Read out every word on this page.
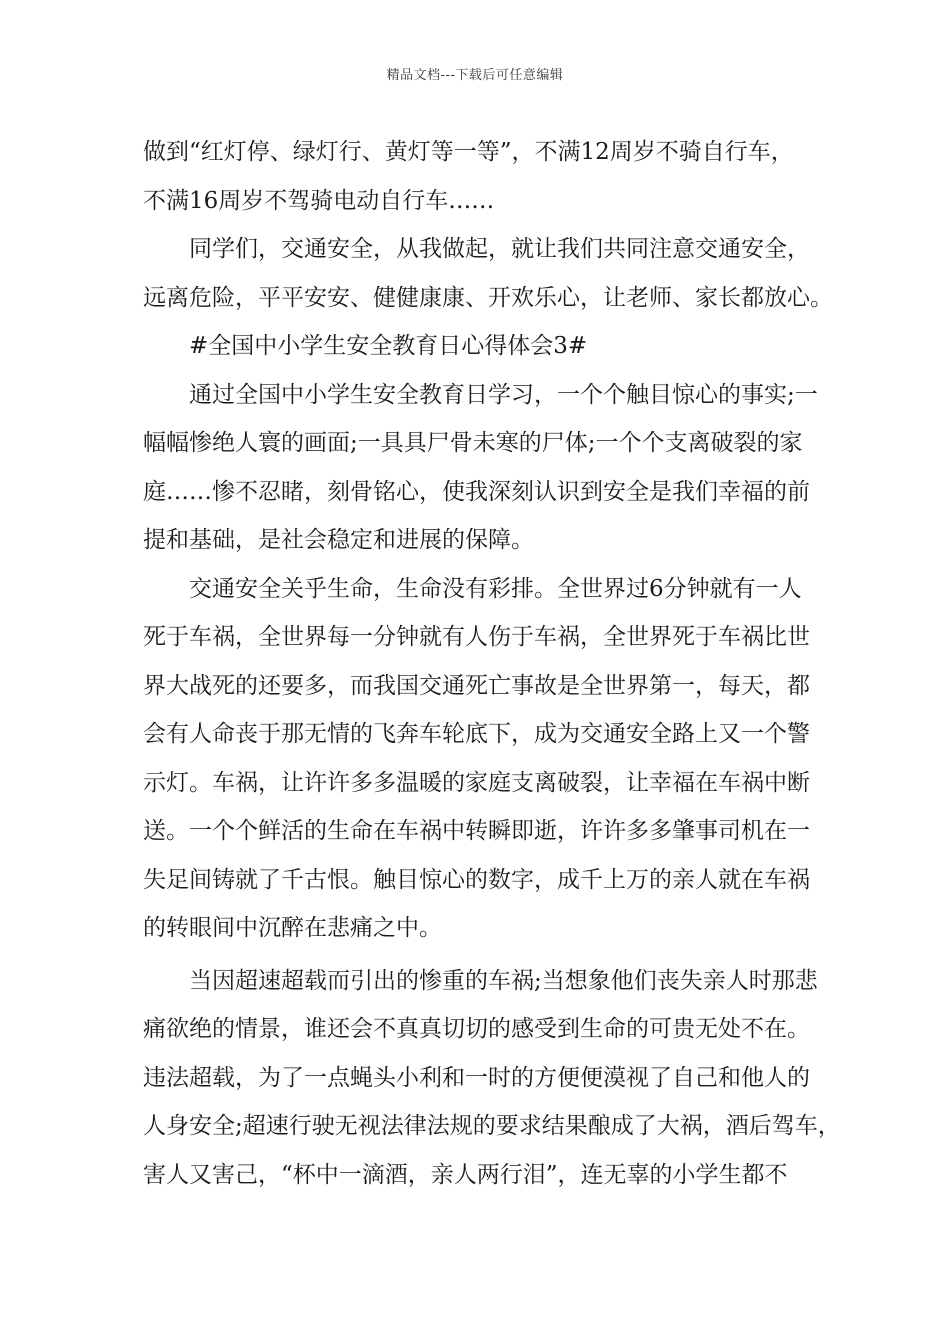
精品文档---下载后可任意编辑
做到“红灯停、绿灯行、黄灯等一等”，不满12周岁不骑自行车，
不满16周岁不驾骑电动自行车……
同学们，交通安全，从我做起，就让我们共同注意交通安全，
远离危险，平平安安、健健康康、开欢乐心，让老师、家长都放心。
#全国中小学生安全教育日心得体会3#
通过全国中小学生安全教育日学习，一个个触目惊心的事实;一
幅幅惨绝人寰的画面;一具具尸骨未寒的尸体;一个个支离破裂的家
庭……惨不忍睹，刻骨铭心，使我深刻认识到安全是我们幸福的前
提和基础，是社会稳定和进展的保障。
交通安全关乎生命，生命没有彩排。全世界过6分钟就有一人
死于车祸，全世界每一分钟就有人伤于车祸，全世界死于车祸比世
界大战死的还要多，而我国交通死亡事故是全世界第一，每天，都
会有人命丧于那无情的飞奔车轮底下，成为交通安全路上又一个警
示灯。车祸，让许许多多温暖的家庭支离破裂，让幸福在车祸中断
送。一个个鲜活的生命在车祸中转瞬即逝，许许多多肇事司机在一
失足间铸就了千古恨。触目惊心的数字，成千上万的亲人就在车祸
的转眼间中沉醉在悲痛之中。
当因超速超载而引出的惨重的车祸;当想象他们丧失亲人时那悲
痛欲绝的情景，谁还会不真真切切的感受到生命的可贵无处不在。
违法超载，为了一点蝇头小利和一时的方便便漠视了自己和他人的
人身安全;超速行驶无视法律法规的要求结果酿成了大祸，酒后驾车，
害人又害己，“杯中一滴酒，亲人两行泪”，连无辜的小学生都不
